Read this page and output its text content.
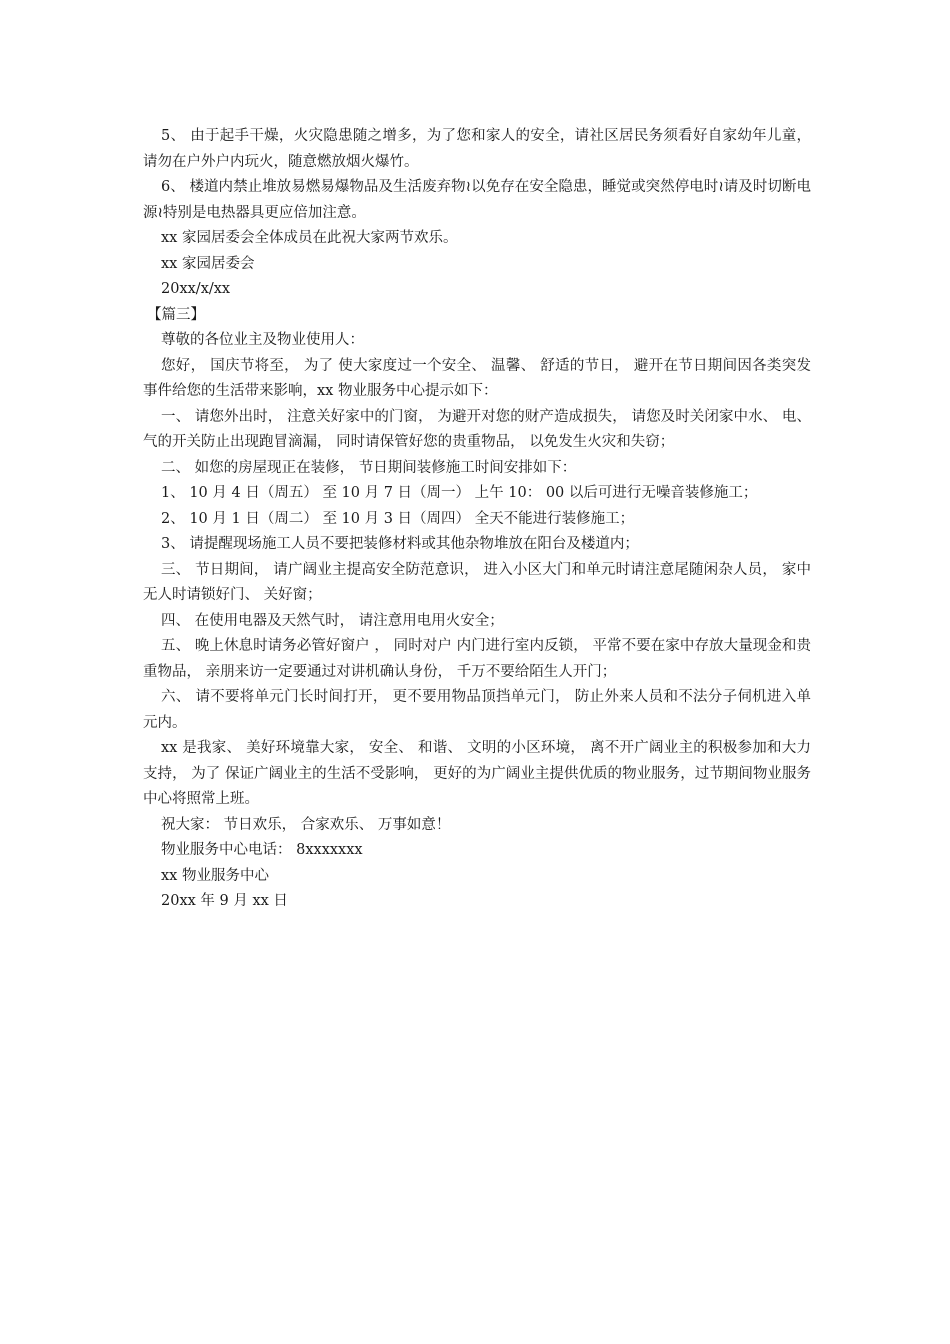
5、 由于起手干燥，火灾隐患随之增多，为了您和家人的安全，请社区居民务须看好自家幼年儿童，请勿在户外户内玩火，随意燃放烟火爆竹。

6、 楼道内禁止堆放易燃易爆物品及生活废弃物≀以免存在安全隐患，睡觉或突然停电时≀请及时切断电源≀特别是电热器具更应倍加注意。

xx 家园居委会全体成员在此祝大家两节欢乐。

xx 家园居委会

20xx/x/xx

【篇三】

尊敬的各位业主及物业使用人：

您好， 国庆节将至， 为了 使大家度过一个安全、 温馨、 舒适的节日， 避开在节日期间因各类突发事件给您的生活带来影响，xx 物业服务中心提示如下：

一、 请您外出时， 注意关好家中的门窗， 为避开对您的财产造成损失， 请您及时关闭家中水、 电、 气的开关防止出现跑冒滴漏， 同时请保管好您的贵重物品， 以免发生火灾和失窃；

二、 如您的房屋现正在装修， 节日期间装修施工时间安排如下：

1、 10 月 4 日（周五） 至 10 月 7 日（周一） 上午 10： 00 以后可进行无噪音装修施工；

2、 10 月 1 日（周二） 至 10 月 3 日（周四） 全天不能进行装修施工；

3、 请提醒现场施工人员不要把装修材料或其他杂物堆放在阳台及楼道内；

三、 节日期间， 请广阔业主提高安全防范意识， 进入小区大门和单元时请注意尾随闲杂人员， 家中无人时请锁好门、 关好窗；

四、 在使用电器及天然气时， 请注意用电用火安全；

五、 晚上休息时请务必管好窗户 ， 同时对户 内门进行室内反锁， 平常不要在家中存放大量现金和贵重物品， 亲朋来访一定要通过对讲机确认身份， 千万不要给陌生人开门；

六、 请不要将单元门长时间打开， 更不要用物品顶挡单元门， 防止外来人员和不法分子伺机进入单元内。

xx 是我家、 美好环境靠大家， 安全、 和谐、 文明的小区环境， 离不开广阔业主的积极参加和大力支持， 为了 保证广阔业主的生活不受影响， 更好的为广阔业主提供优质的物业服务，过节期间物业服务中心将照常上班。

祝大家： 节日欢乐， 合家欢乐、 万事如意！

物业服务中心电话： 8xxxxxxx

xx 物业服务中心

20xx 年 9 月 xx 日
